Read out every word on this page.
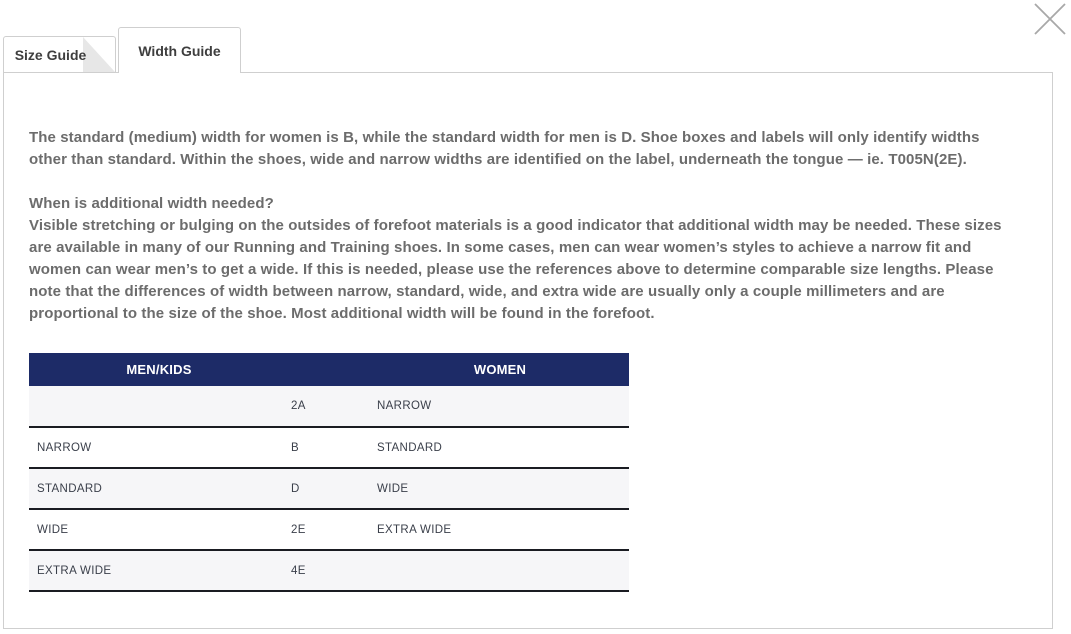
Size Guide	Width Guide

The standard (medium) width for women is B, while the standard width for men is D. Shoe boxes and labels will only identify widths other than standard. Within the shoes, wide and narrow widths are identified on the label, underneath the tongue — ie. T005N(2E).

When is additional width needed?

Visible stretching or bulging on the outsides of forefoot materials is a good indicator that additional width may be needed. These sizes are available in many of our Running and Training shoes. In some cases, men can wear women’s styles to achieve a narrow fit and women can wear men’s to get a wide. If this is needed, please use the references above to determine comparable size lengths. Please note that the differences of width between narrow, standard, wide, and extra wide are usually only a couple millimeters and are proportional to the size of the shoe. Most additional width will be found in the forefoot.

MEN/KIDS		WOMEN
	2A	NARROW
NARROW	B	STANDARD
STANDARD	D	WIDE
WIDE	2E	EXTRA WIDE
EXTRA WIDE	4E	
